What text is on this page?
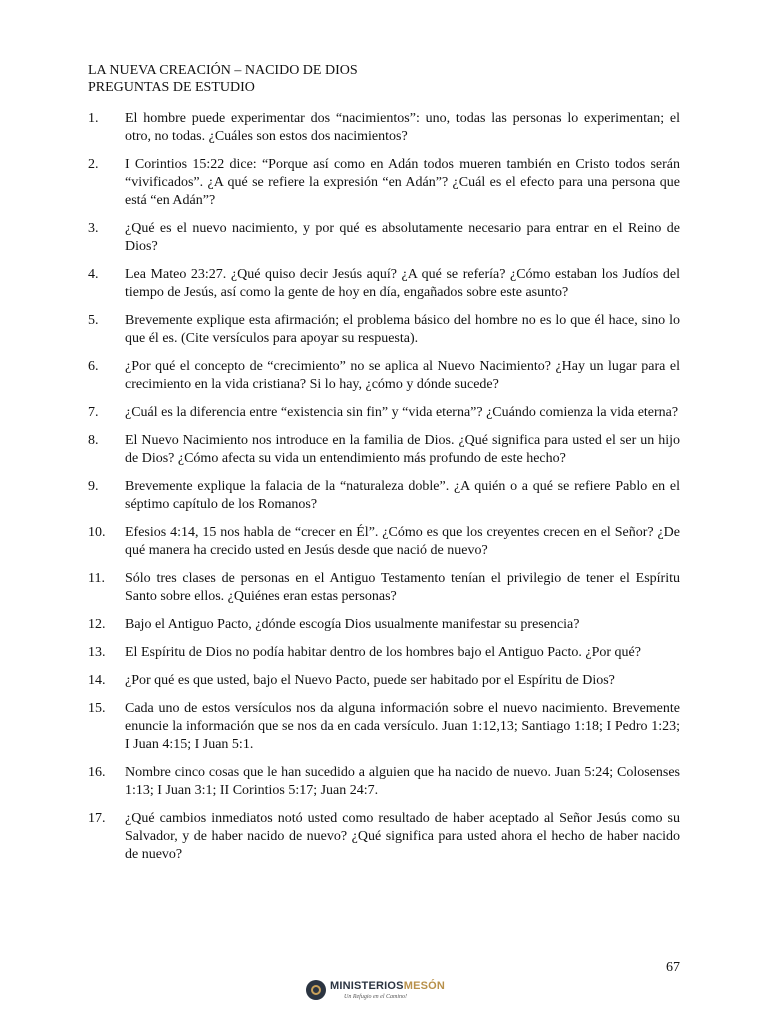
LA NUEVA CREACIÓN – NACIDO DE DIOS

PREGUNTAS DE ESTUDIO

1. El hombre puede experimentar dos “nacimientos”: uno, todas las personas lo experimentan; el otro, no todas. ¿Cuáles son estos dos nacimientos?
2. I Corintios 15:22 dice: “Porque así como en Adán todos mueren también en Cristo todos serán “vivificados”. ¿A qué se refiere la expresión “en Adán”? ¿Cuál es el efecto para una persona que está “en Adán”?
3. ¿Qué es el nuevo nacimiento, y por qué es absolutamente necesario para entrar en el Reino de Dios?
4. Lea Mateo 23:27. ¿Qué quiso decir Jesús aquí? ¿A qué se refería? ¿Cómo estaban los Judíos del tiempo de Jesús, así como la gente de hoy en día, engañados sobre este asunto?
5. Brevemente explique esta afirmación; el problema básico del hombre no es lo que él hace, sino lo que él es. (Cite versículos para apoyar su respuesta).
6. ¿Por qué el concepto de “crecimiento” no se aplica al Nuevo Nacimiento? ¿Hay un lugar para el crecimiento en la vida cristiana? Si lo hay, ¿cómo y dónde sucede?
7. ¿Cuál es la diferencia entre “existencia sin fin” y “vida eterna”? ¿Cuándo comienza la vida eterna?
8. El Nuevo Nacimiento nos introduce en la familia de Dios. ¿Qué significa para usted el ser un hijo de Dios? ¿Cómo afecta su vida un entendimiento más profundo de este hecho?
9. Brevemente explique la falacia de la “naturaleza doble”. ¿A quién o a qué se refiere Pablo en el séptimo capítulo de los Romanos?
10. Efesios 4:14, 15 nos habla de “crecer en Él”. ¿Cómo es que los creyentes crecen en el Señor? ¿De qué manera ha crecido usted en Jesús desde que nació de nuevo?
11. Sólo tres clases de personas en el Antiguo Testamento tenían el privilegio de tener el Espíritu Santo sobre ellos. ¿Quiénes eran estas personas?
12. Bajo el Antiguo Pacto, ¿dónde escogía Dios usualmente manifestar su presencia?
13. El Espíritu de Dios no podía habitar dentro de los hombres bajo el Antiguo Pacto. ¿Por qué?
14. ¿Por qué es que usted, bajo el Nuevo Pacto, puede ser habitado por el Espíritu de Dios?
15. Cada uno de estos versículos nos da alguna información sobre el nuevo nacimiento. Brevemente enuncie la información que se nos da en cada versículo. Juan 1:12,13; Santiago 1:18; I Pedro 1:23; I Juan 4:15; I Juan 5:1.
16. Nombre cinco cosas que le han sucedido a alguien que ha nacido de nuevo. Juan 5:24; Colosenses 1:13; I Juan 3:1; II Corintios 5:17; Juan 24:7.
17. ¿Qué cambios inmediatos notó usted como resultado de haber aceptado al Señor Jesús como su Salvador, y de haber nacido de nuevo? ¿Qué significa para usted ahora el hecho de haber nacido de nuevo?
67
MINISTERIOSMESÓN
Un Refugio en el Camino!
